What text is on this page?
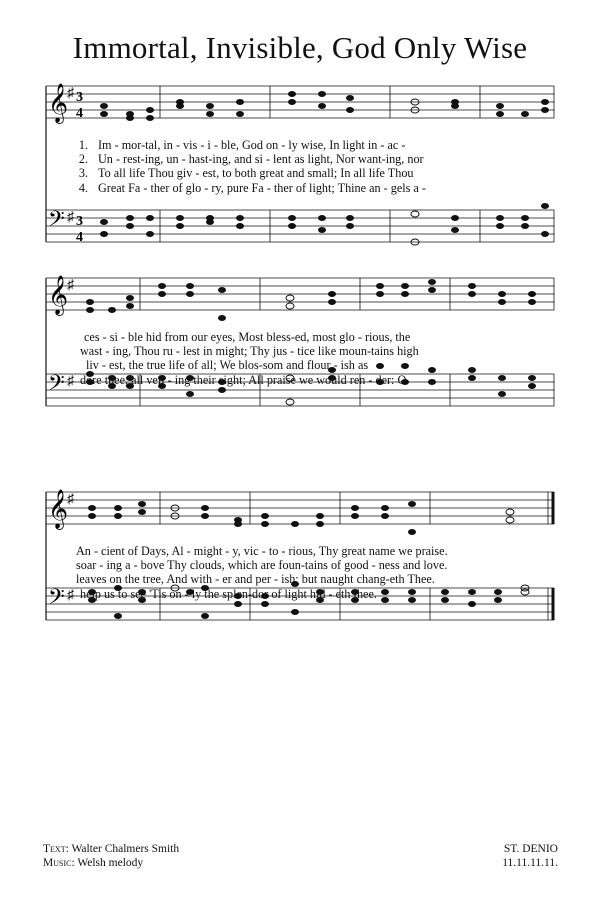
Immortal, Invisible, God Only Wise
𝄞
𝄢
♯
♯
3
4
3
4
1. Im - mor-tal, in - vis - i - ble, God on - ly wise, In light in - ac -
2. Un - rest-ing, un - hast-ing, and si - lent as light, Nor want-ing, nor
3. To all life Thou giv - est, to both great and small; In all life Thou
4. Great Fa - ther of glo - ry, pure Fa - ther of light; Thine an - gels a -
𝄞
𝄢
♯
♯
ces - si - ble hid from our eyes, Most bless-ed, most glo - rious, the
wast - ing, Thou ru - lest in might; Thy jus - tice like moun-tains high
liv - est, the true life of all; We blos-som and flour - ish as
dore thee, all veil - ing their sight; All praise we would ren - der: O
𝄞
𝄢
♯
♯
An - cient of Days, Al - might - y, vic - to - rious, Thy great name we praise.
soar - ing a - bove Thy clouds, which are foun-tains of good - ness and love.
leaves on the tree, And with - er and per - ish; but naught chang-eth Thee.
help us to see 'Tis on - ly the splen-dor of light hid - eth thee.
Text: Walter Chalmers Smith
Music: Welsh melody
ST. DENIO
11.11.11.11.
